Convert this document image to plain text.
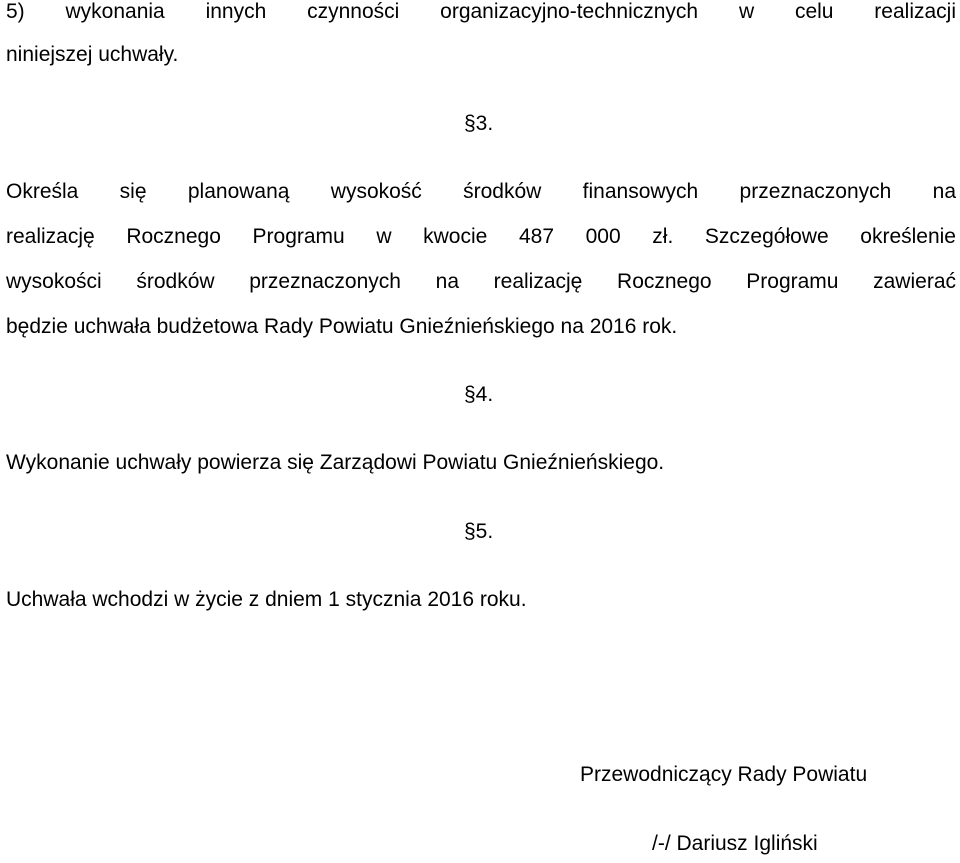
5) wykonania innych czynności organizacyjno-technicznych w celu realizacji
niniejszej uchwały.
§3.
Określa się planowaną wysokość środków finansowych przeznaczonych na
realizację Rocznego Programu w kwocie 487 000 zł. Szczegółowe określenie
wysokości środków przeznaczonych na realizację Rocznego Programu zawierać
będzie uchwała budżetowa Rady Powiatu Gnieźnieńskiego na 2016 rok.
§4.
Wykonanie uchwały powierza się Zarządowi Powiatu Gnieźnieńskiego.
§5.
Uchwała wchodzi w życie z dniem 1 stycznia 2016 roku.
Przewodniczący Rady Powiatu
/-/ Dariusz Igliński
